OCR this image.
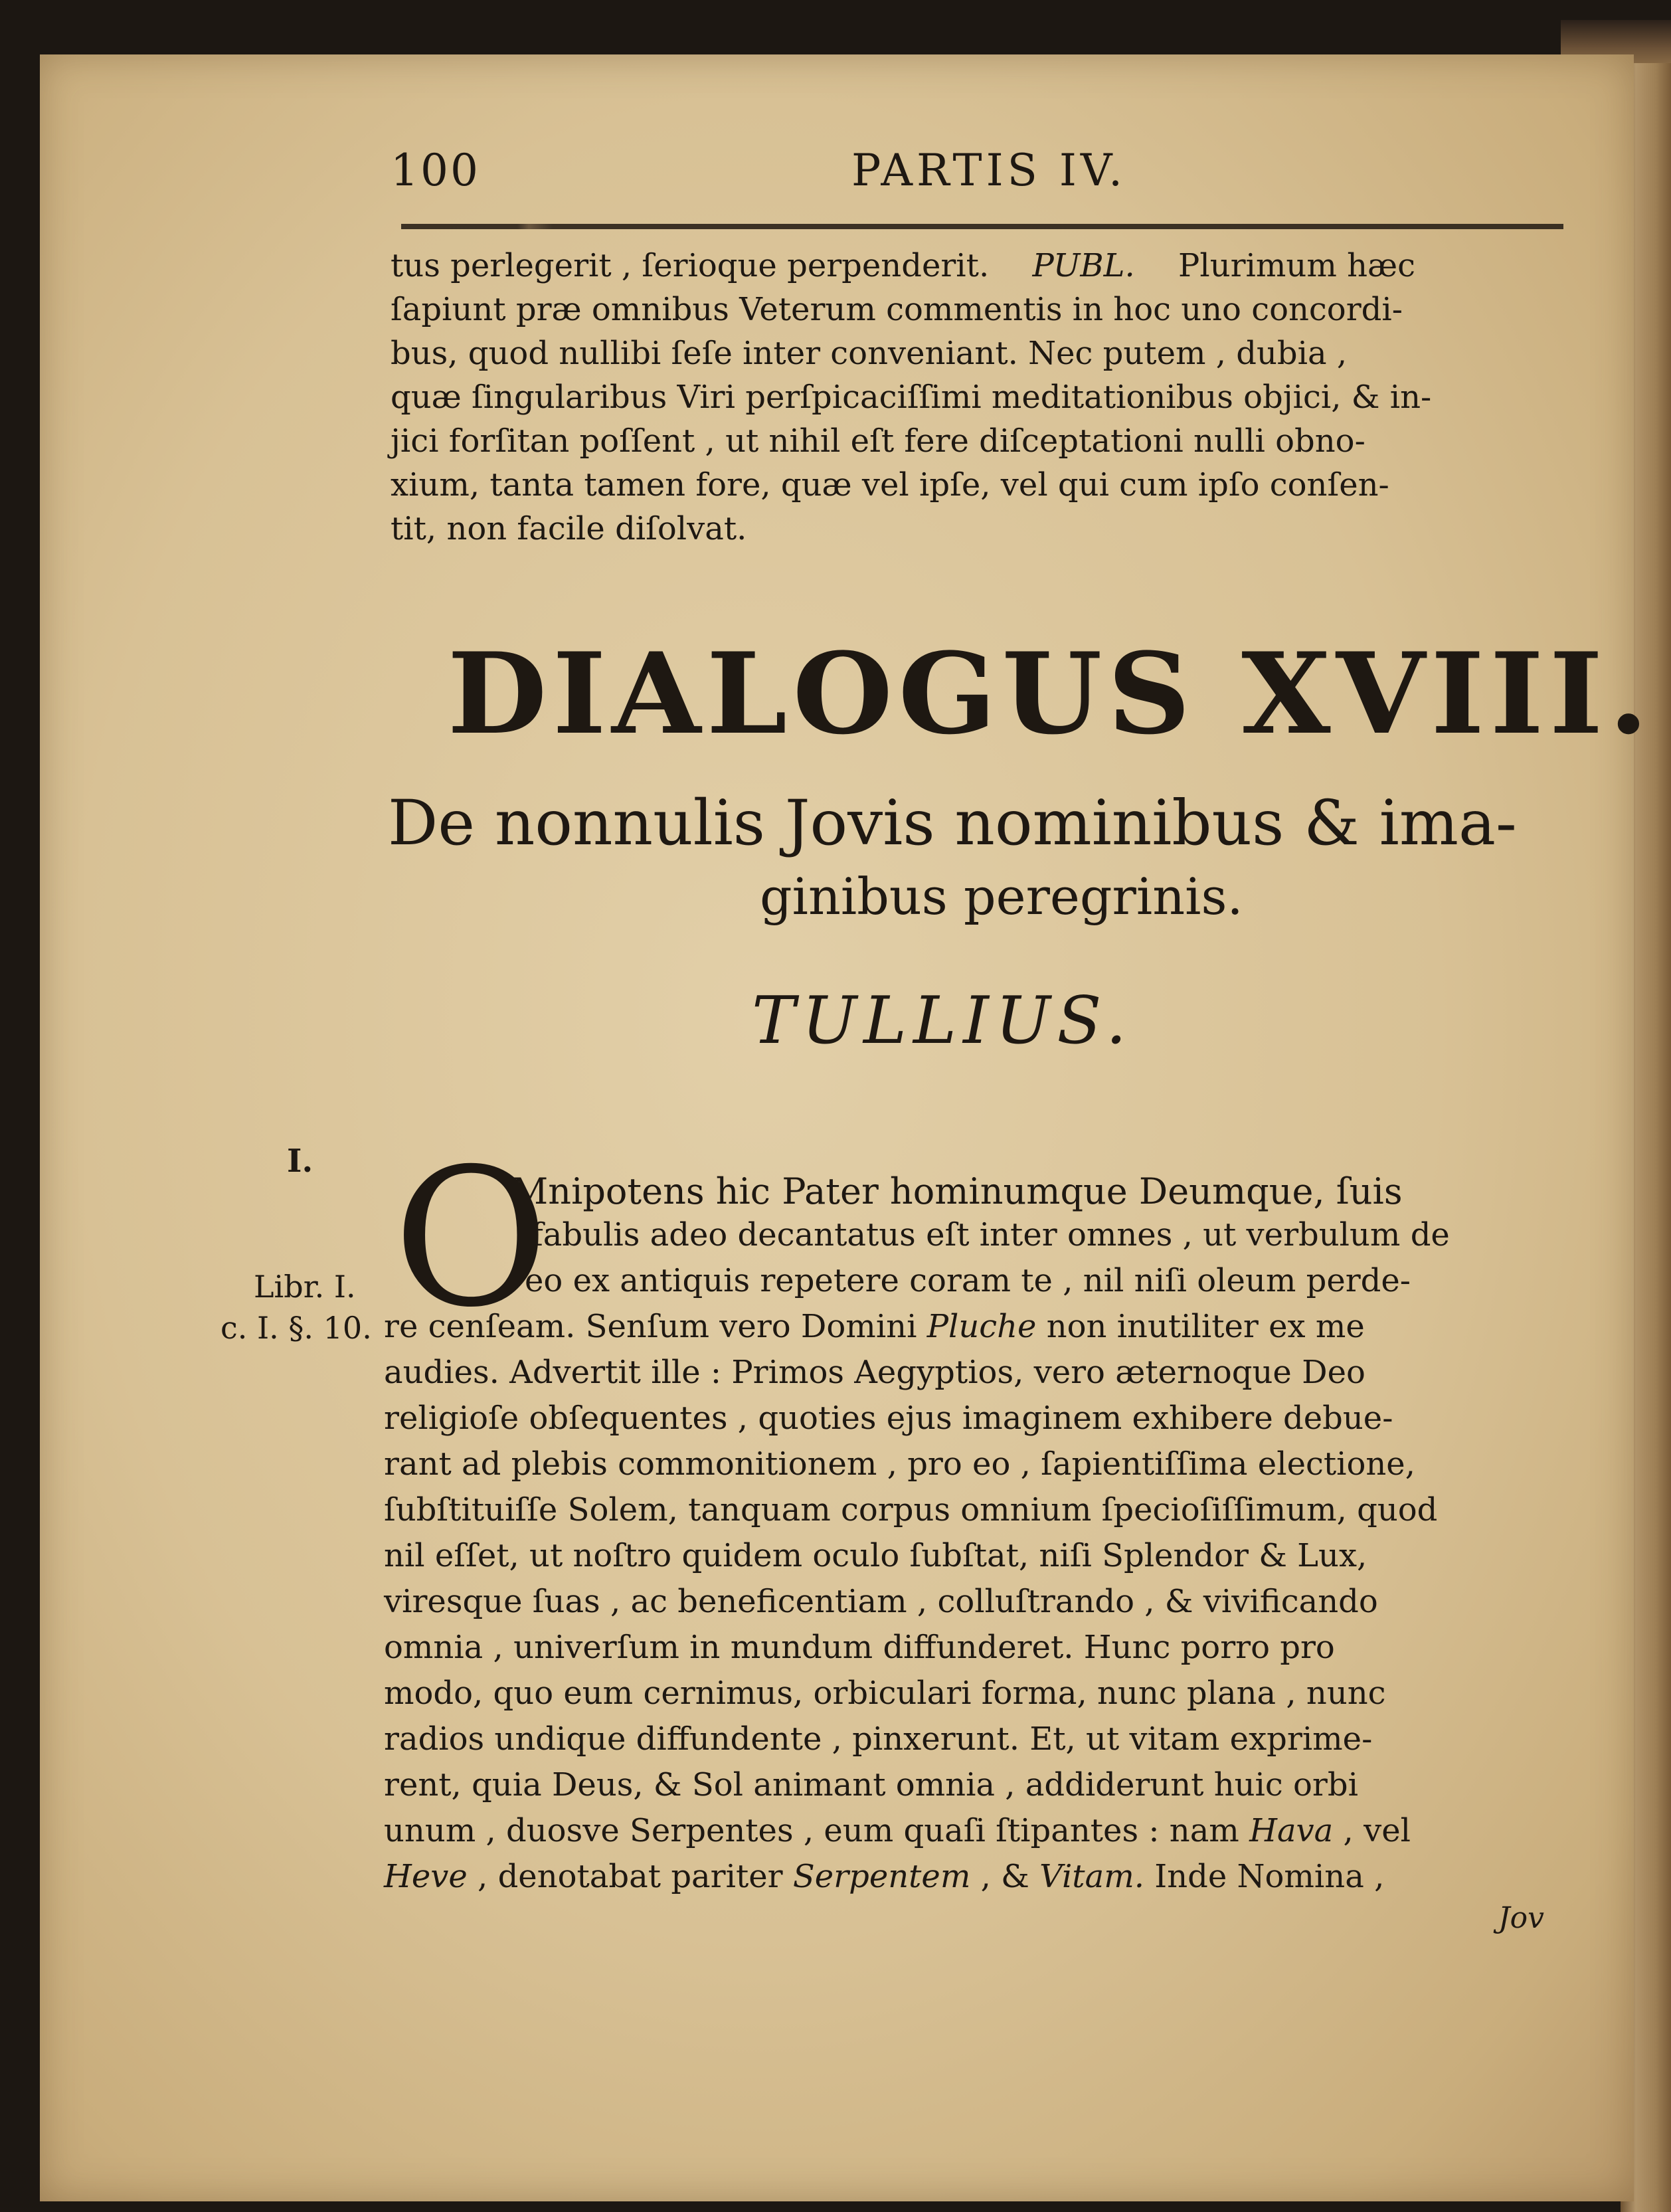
100	PARTIS IV.
tus perlegerit , ſerioque perpenderit. PUBL. Plurimum hæc
ſapiunt præ omnibus Veterum commentis in hoc uno concordi-
bus, quod nullibi ſeſe inter conveniant. Nec putem , dubia ,
quæ ſingularibus Viri perſpicaciſſimi meditationibus objici, & in-
jici forſitan poſſent , ut nihil eſt fere diſceptationi nulli obno-
xium, tanta tamen fore, quæ vel ipſe, vel qui cum ipſo conſen-
tit, non facile diſolvat.
DIALOGUS XVIII.
De nonnulis Jovis nominibus & ima-
ginibus peregrinis.
TULLIUS.
I.
Libr. I.
c. I. §. 10. O
Mnipotens hic Pater hominumque Deumque, ſuis
fabulis adeo decantatus eſt inter omnes , ut verbulum de
eo ex antiquis repetere coram te , nil niſi oleum perde-
re cenſeam. Senſum vero Domini Pluche non inutiliter ex me
audies. Advertit ille : Primos Aegyptios, vero æternoque Deo
religioſe obſequentes , quoties ejus imaginem exhibere debue-
rant ad plebis commonitionem , pro eo , ſapientiſſima electione,
ſubſtituiſſe Solem, tanquam corpus omnium ſpecioſiſſimum, quod
nil eſſet, ut noſtro quidem oculo ſubſtat, niſi Splendor & Lux,
viresque ſuas , ac beneficentiam , colluſtrando , & vivificando
omnia , univerſum in mundum diffunderet. Hunc porro pro
modo, quo eum cernimus, orbiculari forma, nunc plana , nunc
radios undique diffundente , pinxerunt. Et, ut vitam exprime-
rent, quia Deus, & Sol animant omnia , addiderunt huic orbi
unum , duosve Serpentes , eum quaſi ſtipantes : nam Hava , vel
Heve , denotabat pariter Serpentem , & Vitam. Inde Nomina ,
Jov
